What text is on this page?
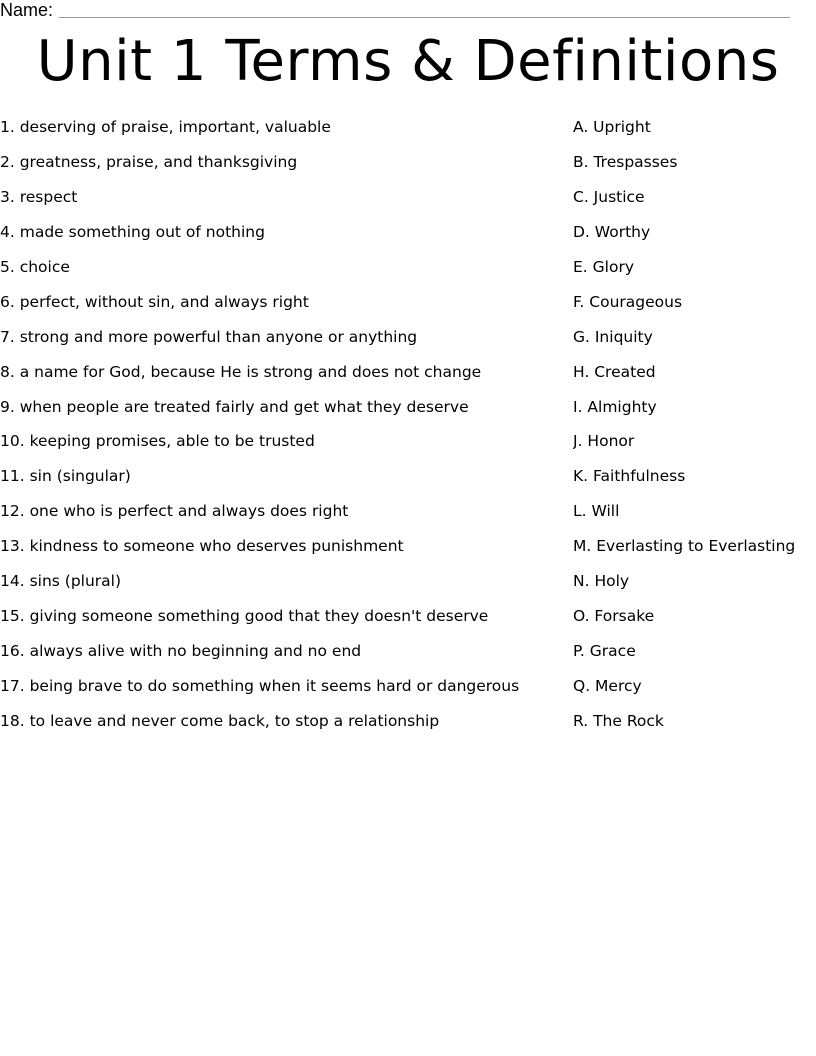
Name:
Unit 1 Terms & Definitions
1. deserving of praise, important, valuable	A. Upright
2. greatness, praise, and thanksgiving	B. Trespasses
3. respect	C. Justice
4. made something out of nothing	D. Worthy
5. choice	E. Glory
6. perfect, without sin, and always right	F. Courageous
7. strong and more powerful than anyone or anything	G. Iniquity
8. a name for God, because He is strong and does not change	H. Created
9. when people are treated fairly and get what they deserve	I. Almighty
10. keeping promises, able to be trusted	J. Honor
11. sin (singular)	K. Faithfulness
12. one who is perfect and always does right	L. Will
13. kindness to someone who deserves punishment	M. Everlasting to Everlasting
14. sins (plural)	N. Holy
15. giving someone something good that they doesn't deserve	O. Forsake
16. always alive with no beginning and no end	P. Grace
17. being brave to do something when it seems hard or dangerous	Q. Mercy
18. to leave and never come back, to stop a relationship	R. The Rock
